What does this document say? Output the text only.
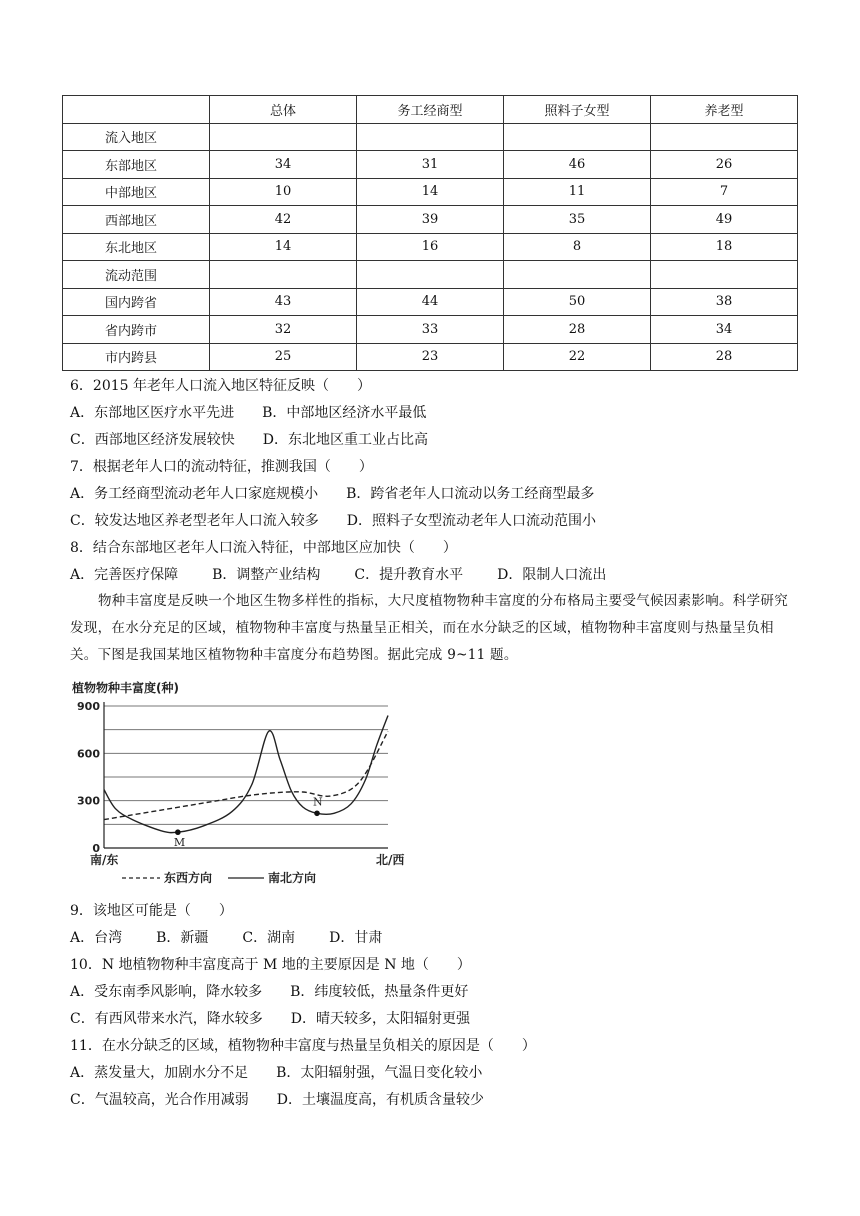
	总体	务工经商型	照料子女型	养老型
流入地区				
东部地区	34	31	46	26
中部地区	10	14	11	7
西部地区	42	39	35	49
东北地区	14	16	8	18
流动范围				
国内跨省	43	44	50	38
省内跨市	32	33	28	34
市内跨县	25	23	22	28
6．2015 年老年人口流入地区特征反映（　　）
A．东部地区医疗水平先进 B．中部地区经济水平最低
C．西部地区经济发展较快 D．东北地区重工业占比高
7．根据老年人口的流动特征，推测我国（　　）
A．务工经商型流动老年人口家庭规模小 B．跨省老年人口流动以务工经商型最多
C．较发达地区养老型老年人口流入较多 D．照料子女型流动老年人口流动范围小
8．结合东部地区老年人口流入特征，中部地区应加快（　　）
A．完善医疗保障 B．调整产业结构 C．提升教育水平 D．限制人口流出
物种丰富度是反映一个地区生物多样性的指标，大尺度植物物种丰富度的分布格局主要受气候因素影响。科学研究发现，在水分充足的区域，植物物种丰富度与热量呈正相关，而在水分缺乏的区域，植物物种丰富度则与热量呈负相关。下图是我国某地区植物物种丰富度分布趋势图。据此完成 9~11 题。
0
300
600
900
植物物种丰富度(种)
南/东	北/西
M
N
东西方向	南北方向
9．该地区可能是（　　）
A．台湾 B．新疆 C．湖南 D．甘肃
10．N 地植物物种丰富度高于 M 地的主要原因是 N 地（　　）
A．受东南季风影响，降水较多 B．纬度较低，热量条件更好
C．有西风带来水汽，降水较多 D．晴天较多，太阳辐射更强
11．在水分缺乏的区域，植物物种丰富度与热量呈负相关的原因是（　　）
A．蒸发量大，加剧水分不足 B．太阳辐射强，气温日变化较小
C．气温较高，光合作用减弱 D．土壤温度高，有机质含量较少
